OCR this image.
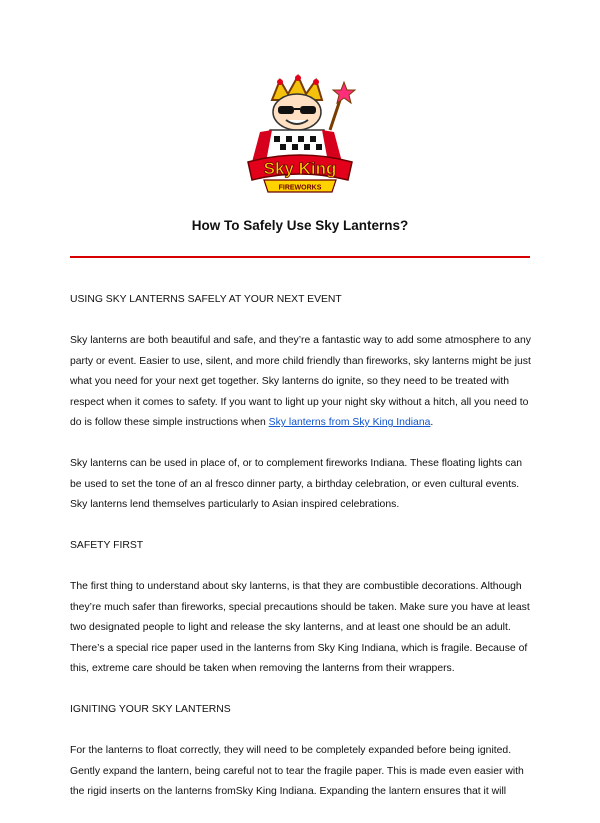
Sky King
FIREWORKS
How To Safely Use Sky Lanterns?
USING SKY LANTERNS SAFELY AT YOUR NEXT EVENT

Sky lanterns are both beautiful and safe, and they’re a fantastic way to add some atmosphere to any party or event. Easier to use, silent, and more child friendly than fireworks, sky lanterns might be just what you need for your next get together. Sky lanterns do ignite, so they need to be treated with respect when it comes to safety. If you want to light up your night sky without a hitch, all you need to do is follow these simple instructions when Sky lanterns from Sky King Indiana.

Sky lanterns can be used in place of, or to complement fireworks Indiana. These floating lights can be used to set the tone of an al fresco dinner party, a birthday celebration, or even cultural events. Sky lanterns lend themselves particularly to Asian inspired celebrations.

SAFETY FIRST

The first thing to understand about sky lanterns, is that they are combustible decorations. Although they’re much safer than fireworks, special precautions should be taken. Make sure you have at least two designated people to light and release the sky lanterns, and at least one should be an adult. There’s a special rice paper used in the lanterns from Sky King Indiana, which is fragile. Because of this, extreme care should be taken when removing the lanterns from their wrappers.

IGNITING YOUR SKY LANTERNS

For the lanterns to float correctly, they will need to be completely expanded before being ignited. Gently expand the lantern, being careful not to tear the fragile paper. This is made even easier with the rigid inserts on the lanterns fromSky King Indiana. Expanding the lantern ensures that it will
